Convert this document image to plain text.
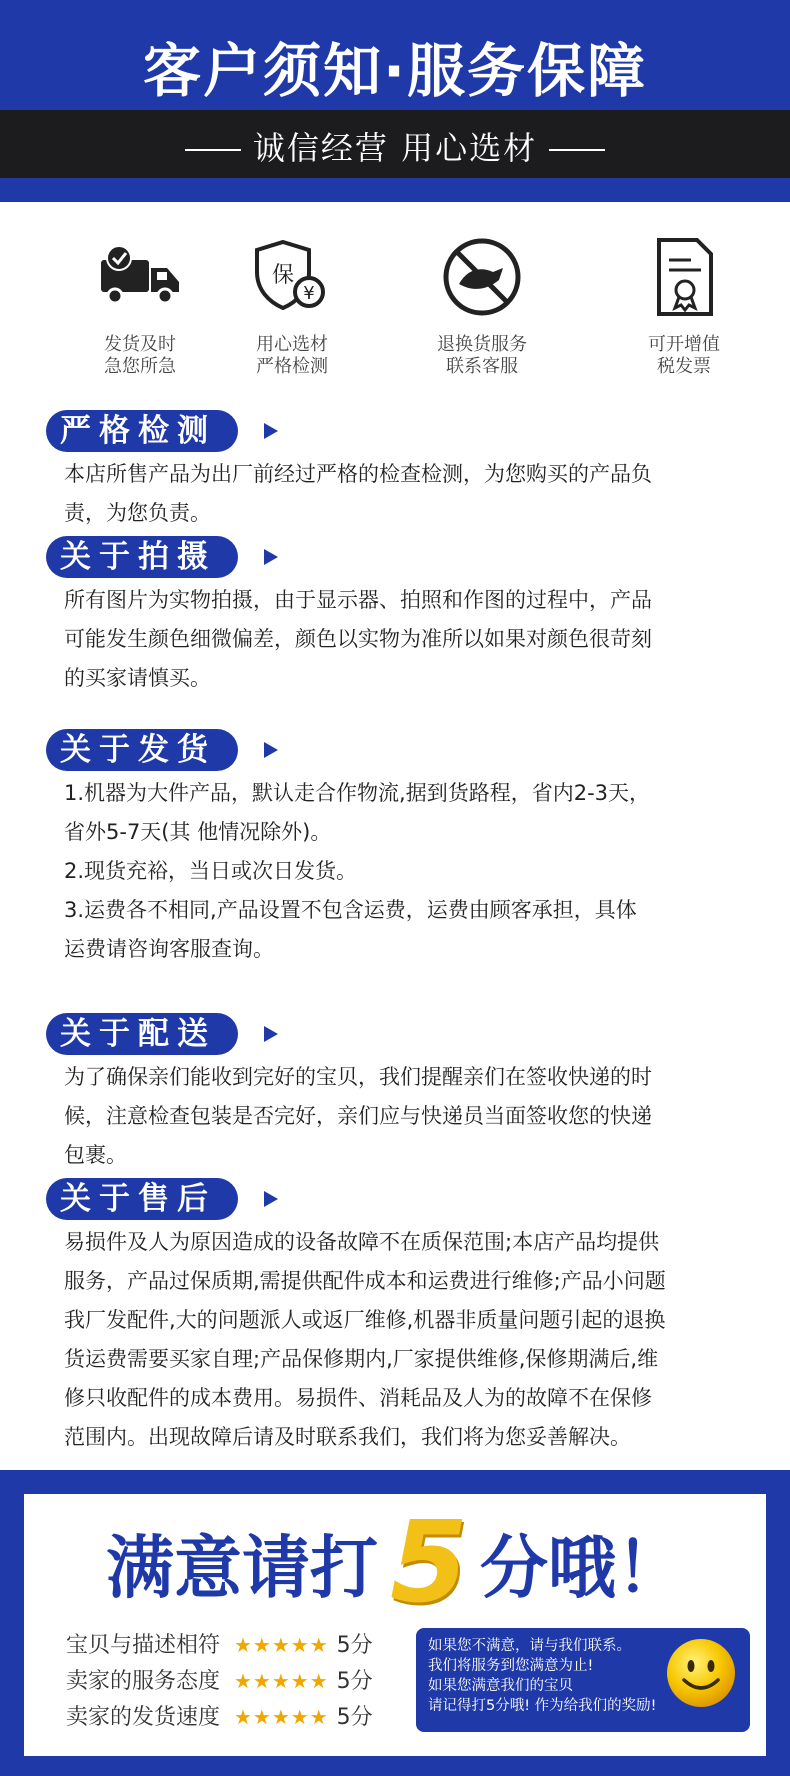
客户须知·服务保障
诚信经营 用心选材
发货及时
急您所急
保
¥
用心选材
严格检测
退换货服务
联系客服
可开增值
税发票
严格检测
本店所售产品为出厂前经过严格的检查检测，为您购买的产品负
责，为您负责。
关于拍摄
所有图片为实物拍摄，由于显示器、拍照和作图的过程中，产品
可能发生颜色细微偏差，颜色以实物为准所以如果对颜色很苛刻
的买家请慎买。
关于发货
1.机器为大件产品，默认走合作物流,据到货路程，省内2-3天，
省外5-7天(其 他情况除外)。
2.现货充裕，当日或次日发货。
3.运费各不相同,产品设置不包含运费，运费由顾客承担，具体
运费请咨询客服查询。
关于配送
为了确保亲们能收到完好的宝贝，我们提醒亲们在签收快递的时
候，注意检查包装是否完好，亲们应与快递员当面签收您的快递
包裹。
关于售后
易损件及人为原因造成的设备故障不在质保范围;本店产品均提供
服务，产品过保质期,需提供配件成本和运费进行维修;产品小问题
我厂发配件,大的问题派人或返厂维修,机器非质量问题引起的退换
货运费需要买家自理;产品保修期内,厂家提供维修,保修期满后,维
修只收配件的成本费用。易损件、消耗品及人为的故障不在保修
范围内。出现故障后请及时联系我们，我们将为您妥善解决。
满意请打 5 分哦！
宝贝与描述相符 ★★★★★ 5分
卖家的服务态度 ★★★★★ 5分
卖家的发货速度 ★★★★★ 5分
如果您不满意，请与我们联系。
我们将服务到您满意为止!
如果您满意我们的宝贝
请记得打5分哦! 作为给我们的奖励!
